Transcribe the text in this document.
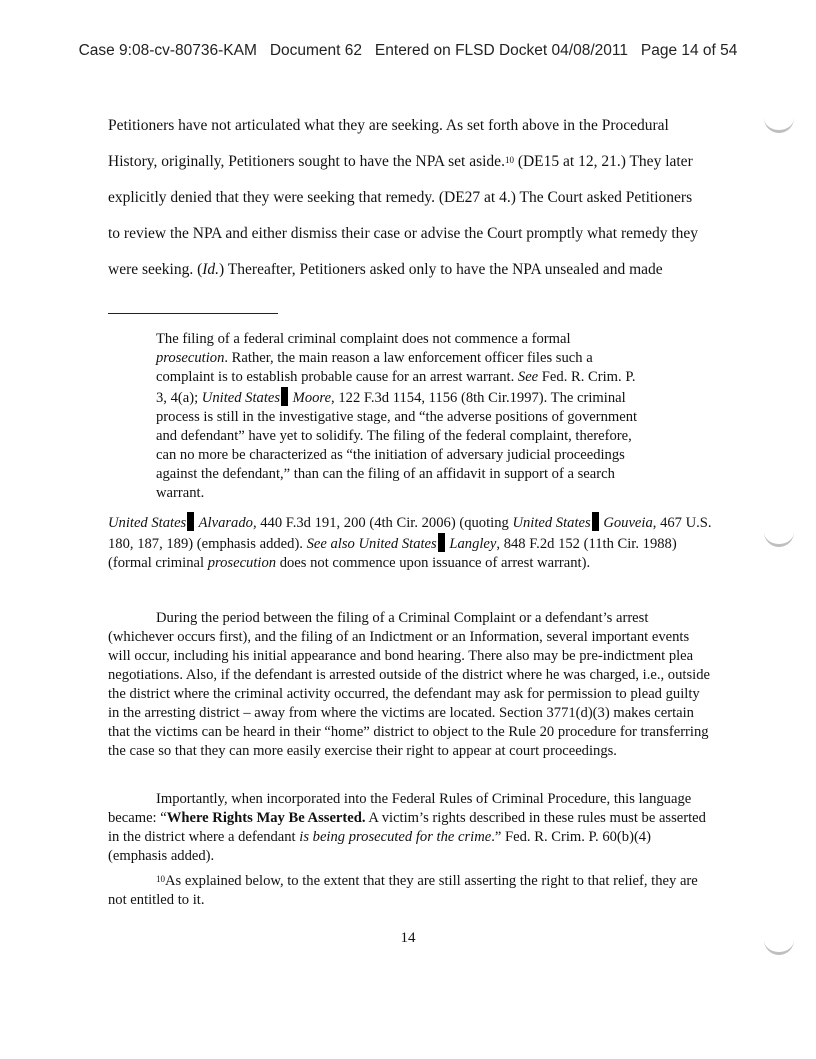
Case 9:08-cv-80736-KAM   Document 62   Entered on FLSD Docket 04/08/2011   Page 14 of 54

Petitioners have not articulated what they are seeking. As set forth above in the Procedural

History, originally, Petitioners sought to have the NPA set aside.$^{10}$ (DE15 at 12, 21.) They later

explicitly denied that they were seeking that remedy. (DE27 at 4.) The Court asked Petitioners

to review the NPA and either dismiss their case or advise the Court promptly what remedy they

were seeking. (Id.) Thereafter, Petitioners asked only to have the NPA unsealed and made

The filing of a federal criminal complaint does not commence a formal prosecution. Rather, the main reason a law enforcement officer files such a complaint is to establish probable cause for an arrest warrant. See Fed. R. Crim. P. 3, 4(a); United States Moore, 122 F.3d 1154, 1156 (8th Cir.1997). The criminal process is still in the investigative stage, and “the adverse positions of government and defendant” have yet to solidify. The filing of the federal complaint, therefore, can no more be characterized as “the initiation of adversary judicial proceedings against the defendant,” than can the filing of an affidavit in support of a search warrant.

United States Alvarado, 440 F.3d 191, 200 (4th Cir. 2006) (quoting United States Gouveia, 467 U.S. 180, 187, 189) (emphasis added). See also United States Langley, 848 F.2d 152 (11th Cir. 1988) (formal criminal prosecution does not commence upon issuance of arrest warrant).

During the period between the filing of a Criminal Complaint or a defendant’s arrest (whichever occurs first), and the filing of an Indictment or an Information, several important events will occur, including his initial appearance and bond hearing. There also may be pre-indictment plea negotiations. Also, if the defendant is arrested outside of the district where he was charged, i.e., outside the district where the criminal activity occurred, the defendant may ask for permission to plead guilty in the arresting district – away from where the victims are located. Section 3771(d)(3) makes certain that the victims can be heard in their “home” district to object to the Rule 20 procedure for transferring the case so that they can more easily exercise their right to appear at court proceedings.

Importantly, when incorporated into the Federal Rules of Criminal Procedure, this language became: “Where Rights May Be Asserted. A victim’s rights described in these rules must be asserted in the district where a defendant is being prosecuted for the crime.” Fed. R. Crim. P. 60(b)(4) (emphasis added).

$^{10}$As explained below, to the extent that they are still asserting the right to that relief, they are not entitled to it.

14
